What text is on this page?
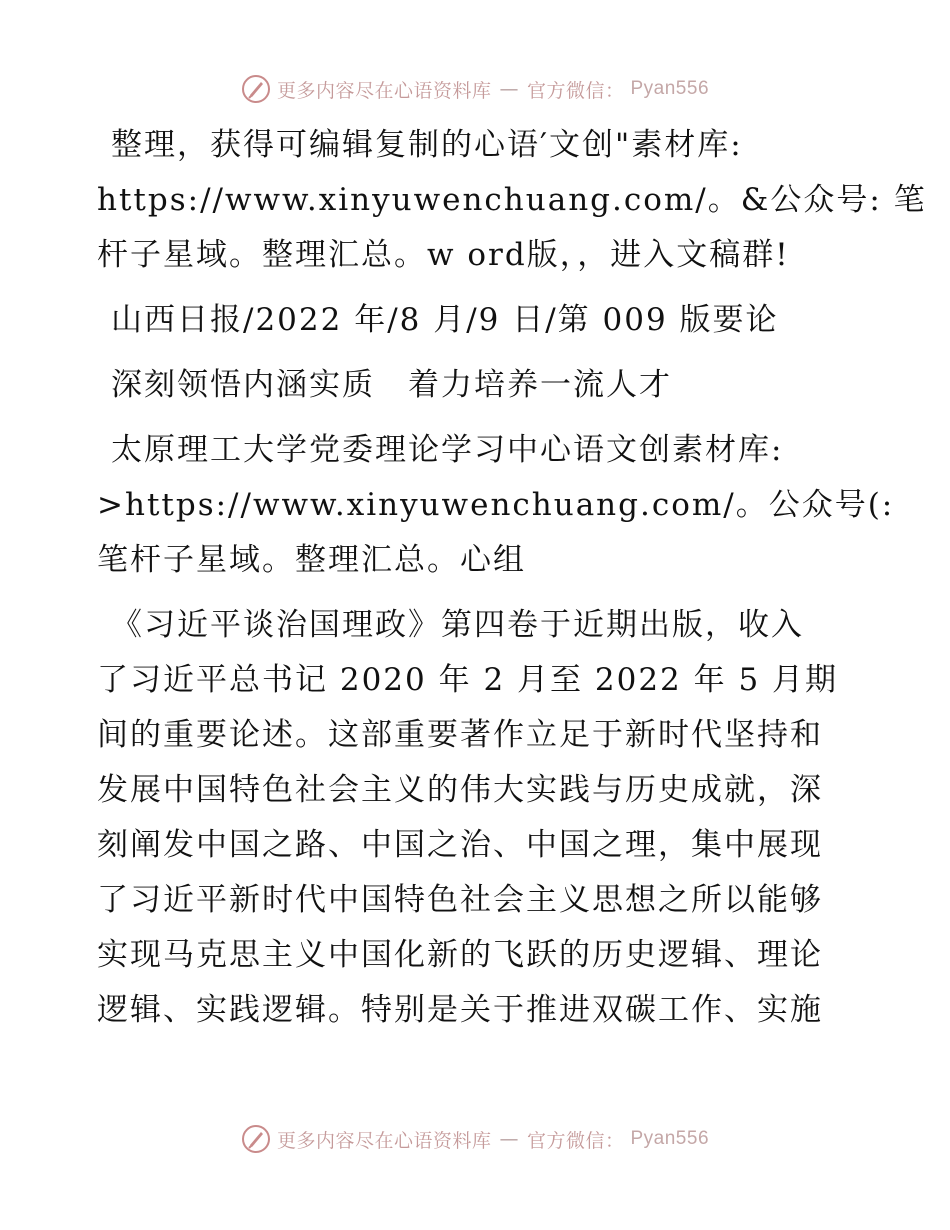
更多内容尽在心语资料库 — 官方微信： Pyan556

整理，获得可编辑复制的心语′文创"素材库:
https://www.xinyuwenchuang.com/。&公众号: 笔
杆子星域。整理汇总。w ord版，，进入文稿群!

山西日报/2022 年/8 月/9 日/第 009 版要论

深刻领悟内涵实质　着力培养一流人才

太原理工大学党委理论学习中心语文创素材库:
>https://www.xinyuwenchuang.com/。公众号(:
笔杆子星域。整理汇总。心组

《习近平谈治国理政》第四卷于近期出版，收入
了习近平总书记 2020 年 2 月至 2022 年 5 月期
间的重要论述。这部重要著作立足于新时代坚持和
发展中国特色社会主义的伟大实践与历史成就，深
刻阐发中国之路、中国之治、中国之理，集中展现
了习近平新时代中国特色社会主义思想之所以能够
实现马克思主义中国化新的飞跃的历史逻辑、理论
逻辑、实践逻辑。特别是关于推进双碳工作、实施

更多内容尽在心语资料库 — 官方微信： Pyan556
